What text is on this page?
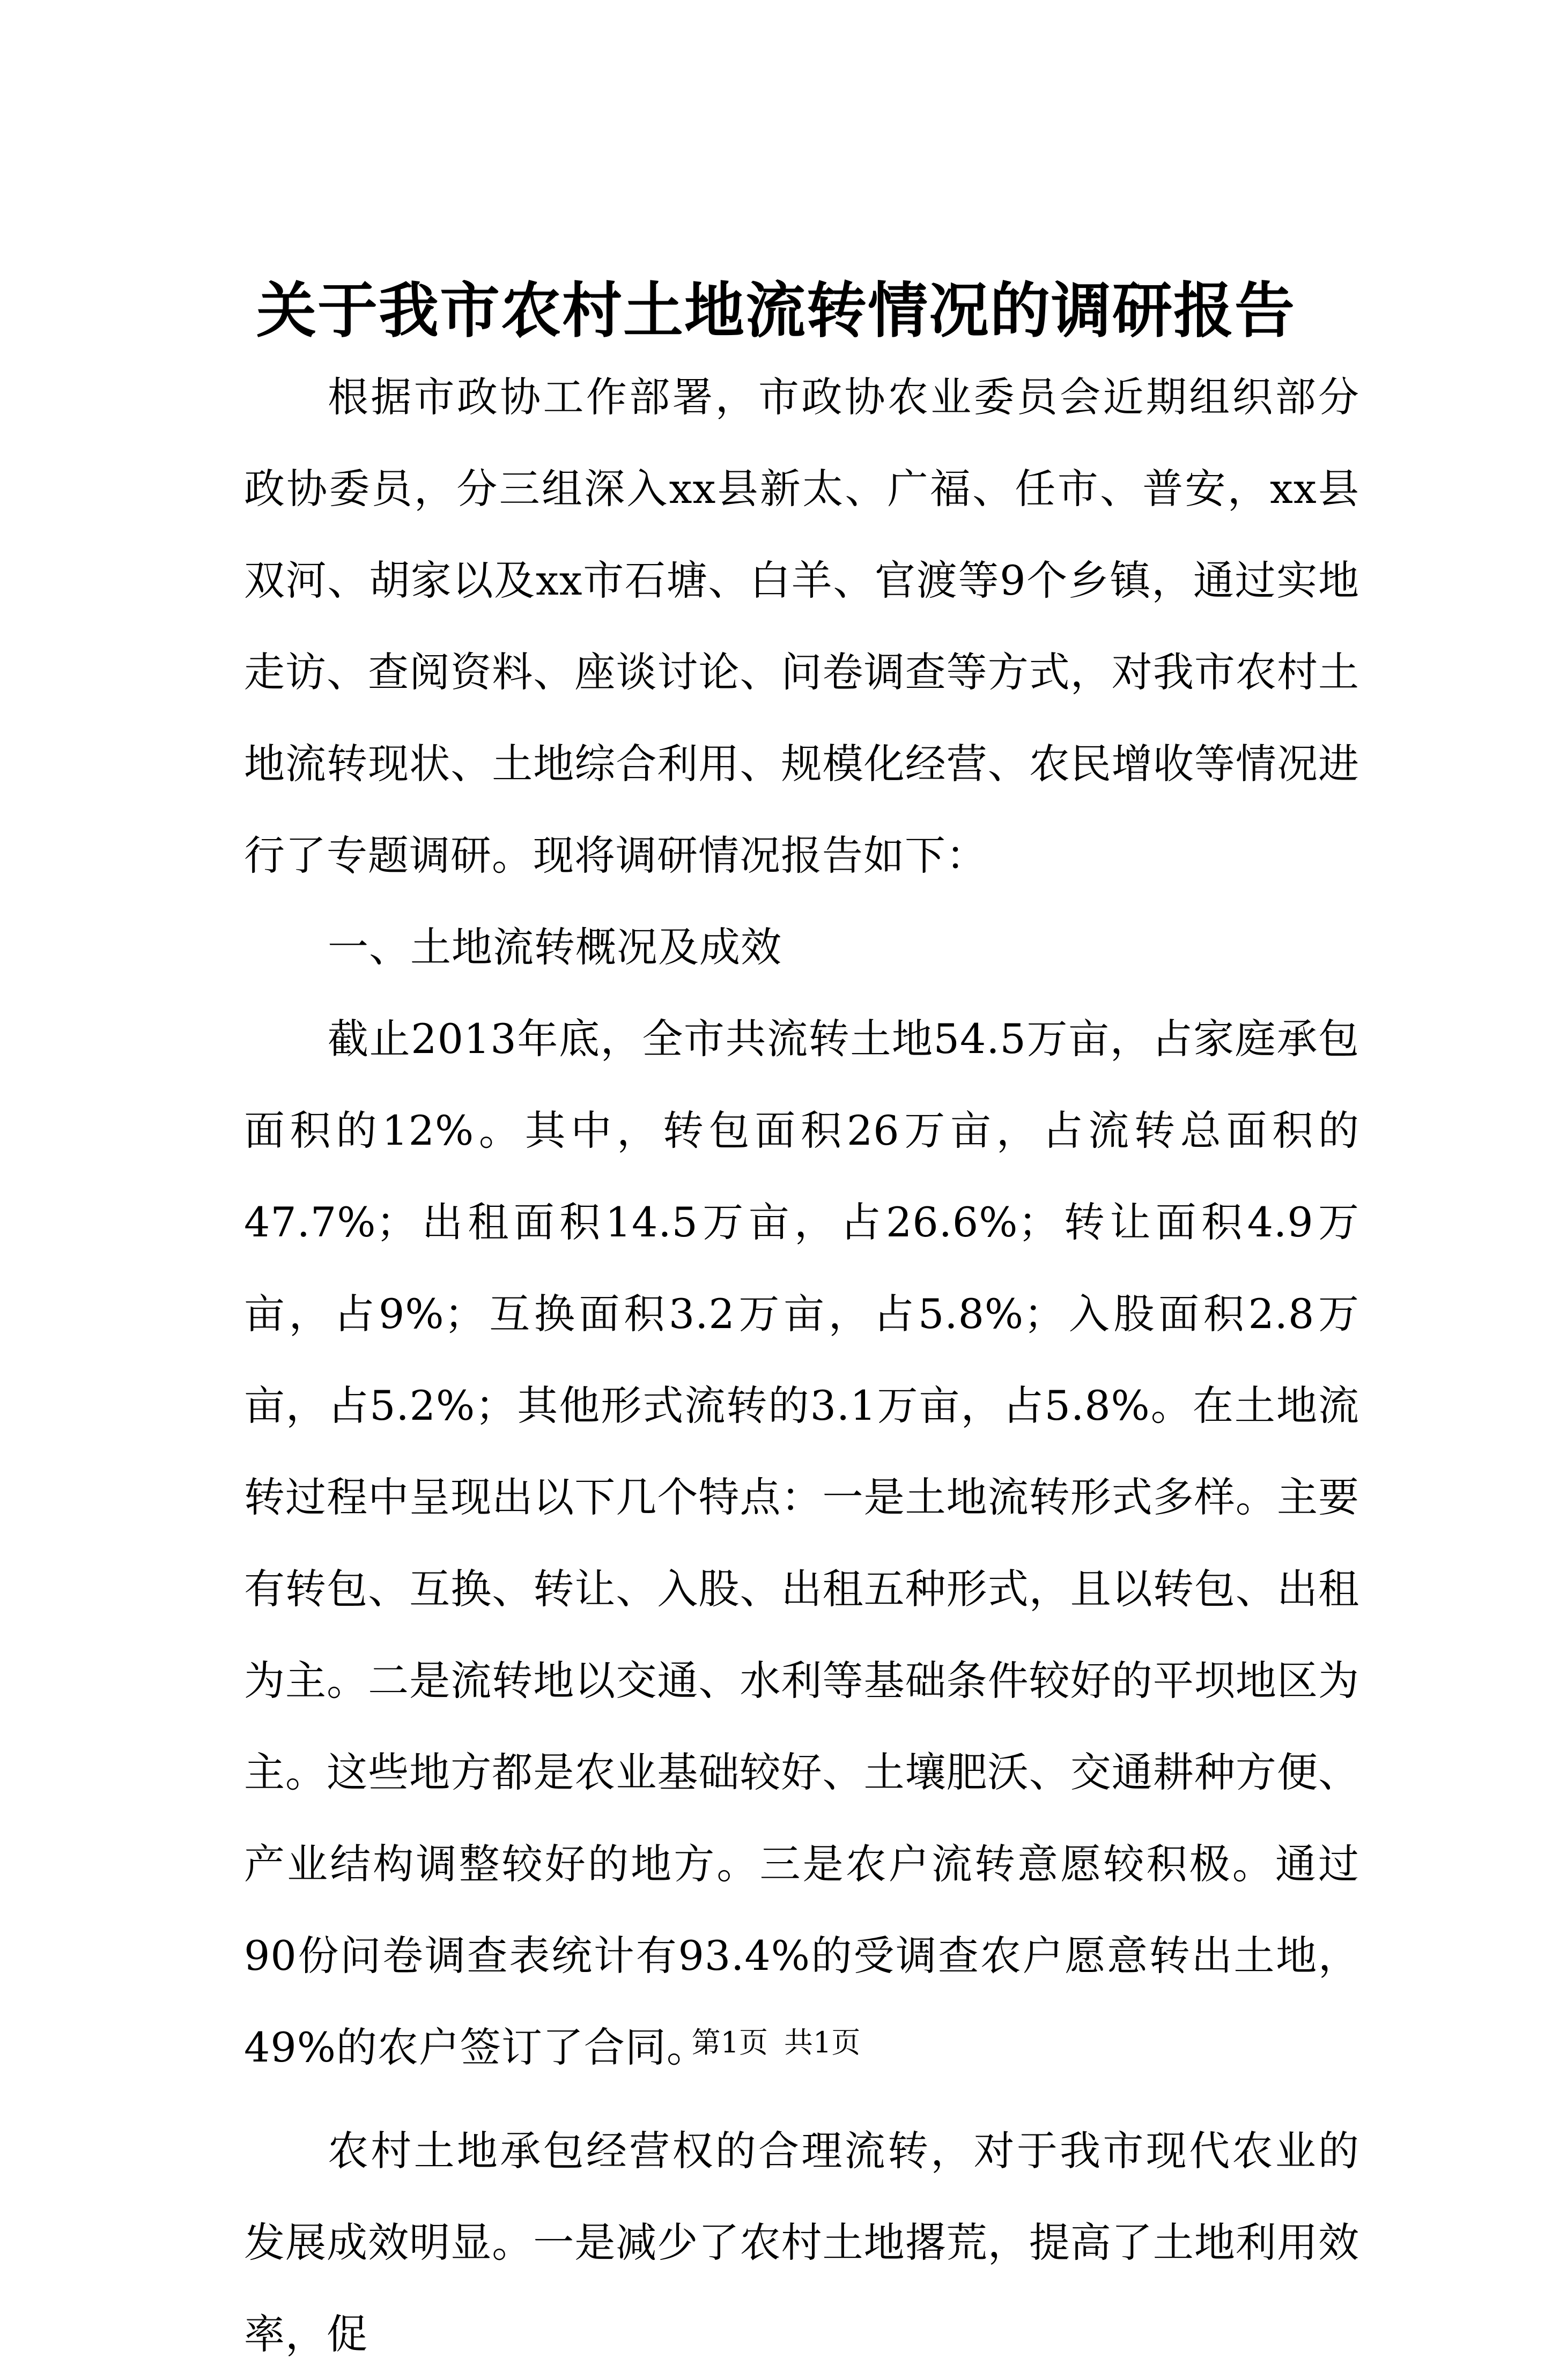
关于我市农村土地流转情况的调研报告

根据市政协工作部署，市政协农业委员会近期组织部分政协委员，分三组深入xx县新太、广福、任市、普安，xx县双河、胡家以及xx市石塘、白羊、官渡等9个乡镇，通过实地走访、查阅资料、座谈讨论、问卷调查等方式，对我市农村土地流转现状、土地综合利用、规模化经营、农民增收等情况进行了专题调研。现将调研情况报告如下：

一、土地流转概况及成效

截止2013年底，全市共流转土地54.5万亩，占家庭承包面积的12%。其中，转包面积26万亩，占流转总面积的47.7%；出租面积14.5万亩，占26.6%；转让面积4.9万亩，占9%；互换面积3.2万亩，占5.8%；入股面积2.8万亩，占5.2%；其他形式流转的3.1万亩，占5.8%。在土地流转过程中呈现出以下几个特点：一是土地流转形式多样。主要有转包、互换、转让、入股、出租五种形式，且以转包、出租为主。二是流转地以交通、水利等基础条件较好的平坝地区为主。这些地方都是农业基础较好、土壤肥沃、交通耕种方便、产业结构调整较好的地方。三是农户流转意愿较积极。通过90份问卷调查表统计有93.4%的受调查农户愿意转出土地，49%的农户签订了合同。

农村土地承包经营权的合理流转，对于我市现代农业的发展成效明显。一是减少了农村土地撂荒，提高了土地利用效率，促

第1页 共1页
